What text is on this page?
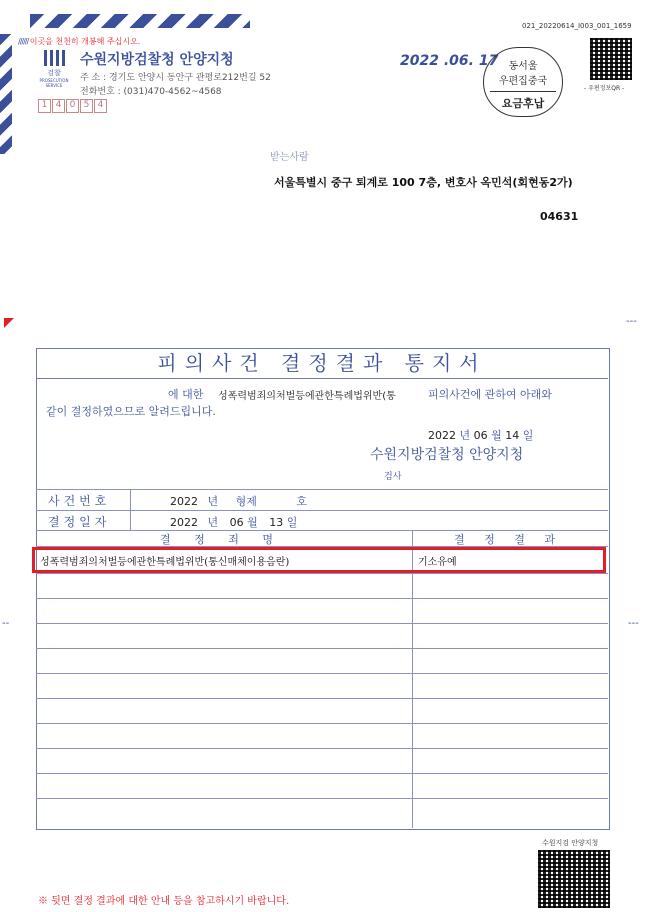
021_20220614_I003_001_1659
////// 이곳을 천천히 개봉해 주십시오.
검찰
PROSECUTION SERVICE
수원지방검찰청 안양지청
주 소 : 경기도 안양시 동안구 관평로212번길 52
전화번호 : (031)470-4562~4568
1 4 0 5 4
2022 .06. 17	동서울
우편집중국
요금후납
- 우편정보QR -
받는사람
서울특별시 중구 퇴계로 100 7층, 변호사 옥민석(회현동2가)
04631
---
--	---
피의사건 결정결과 통지서
에 대한 성폭력범죄의처벌등에관한특례법위반(통	피의사건에 관하여 아래와
같이 결정하였으므로 알려드립니다.
2022 년 06 월 14 일
수원지방검찰청 안양지청
검사
사건번호	2022 년 형제	호
결정일자	2022 년 06 월 13 일
결 정 죄 명	결 정 결 과
성폭력범죄의처벌등에관한특례법위반(통신매체이용음란)	기소유예
수원지검 안양지청
※ 뒷면 결정 결과에 대한 안내 등을 참고하시기 바랍니다.
